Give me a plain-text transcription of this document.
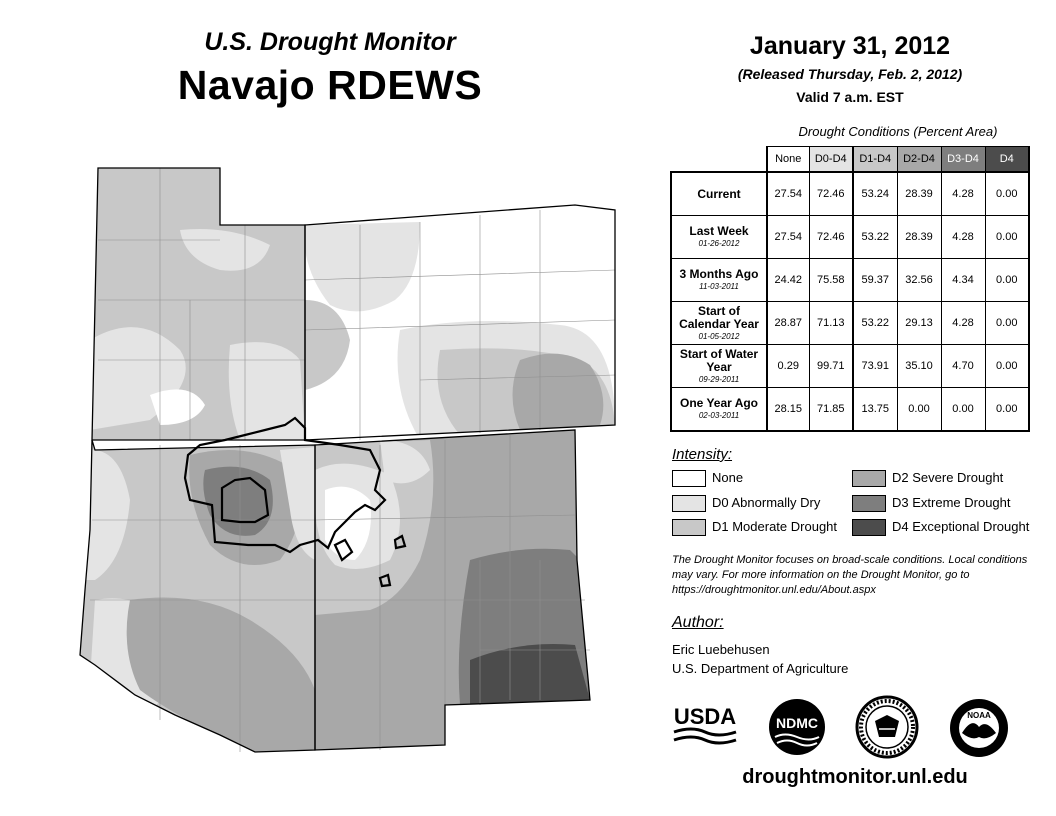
U.S. Drought Monitor
Navajo RDEWS
January 31, 2012
(Released Thursday, Feb. 2, 2012)
Valid 7 a.m. EST
Drought Conditions (Percent Area)
	None	D0-D4	D1-D4	D2-D4	D3-D4	D4
Current	27.54	72.46	53.24	28.39	4.28	0.00
Last Week
01-26-2012	27.54	72.46	53.22	28.39	4.28	0.00
3 Months Ago
11-03-2011	24.42	75.58	59.37	32.56	4.34	0.00
Start of Calendar Year
01-05-2012	28.87	71.13	53.22	29.13	4.28	0.00
Start of Water Year
09-29-2011	0.29	99.71	73.91	35.10	4.70	0.00
One Year Ago
02-03-2011	28.15	71.85	13.75	0.00	0.00	0.00
Intensity:
None
D0 Abnormally Dry
D1 Moderate Drought
D2 Severe Drought
D3 Extreme Drought
D4 Exceptional Drought
The Drought Monitor focuses on broad-scale conditions. Local conditions may vary. For more information on the Drought Monitor, go to https://droughtmonitor.unl.edu/About.aspx
Author:
Eric Luebehusen
U.S. Department of Agriculture
USDA	NDMC	NOAA
droughtmonitor.unl.edu
